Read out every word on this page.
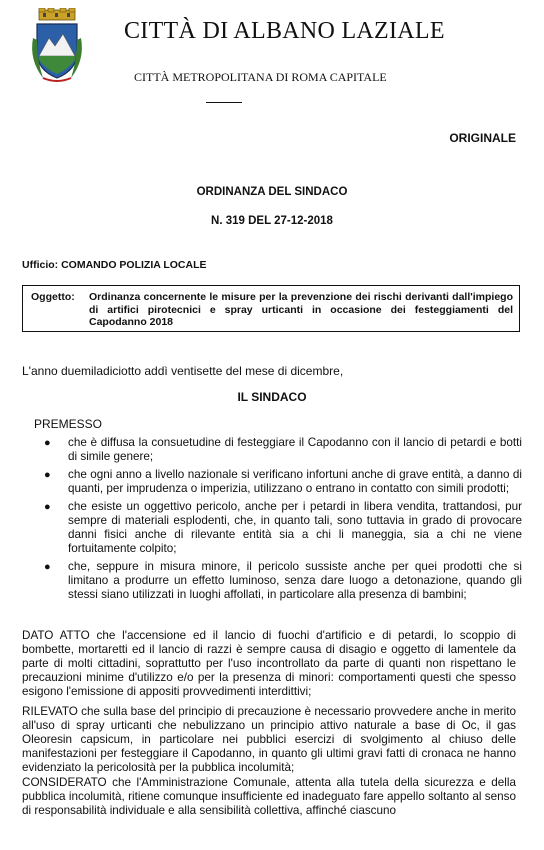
CITTÀ DI ALBANO LAZIALE
CITTÀ METROPOLITANA DI ROMA CAPITALE
ORIGINALE
ORDINANZA DEL SINDACO
N. 319 DEL 27-12-2018
Ufficio: COMANDO POLIZIA LOCALE
Oggetto: Ordinanza concernente le misure per la prevenzione dei rischi derivanti dall'impiego di artifici pirotecnici e spray urticanti in occasione dei festeggiamenti del Capodanno 2018
L'anno duemiladiciotto addì ventisette del mese di dicembre,
IL SINDACO
PREMESSO
● che è diffusa la consuetudine di festeggiare il Capodanno con il lancio di petardi e botti di simile genere;
● che ogni anno a livello nazionale si verificano infortuni anche di grave entità, a danno di quanti, per imprudenza o imperizia, utilizzano o entrano in contatto con simili prodotti;
● che esiste un oggettivo pericolo, anche per i petardi in libera vendita, trattandosi, pur sempre di materiali esplodenti, che, in quanto tali, sono tuttavia in grado di provocare danni fisici anche di rilevante entità sia a chi li maneggia, sia a chi ne viene fortuitamente colpito;
● che, seppure in misura minore, il pericolo sussiste anche per quei prodotti che si limitano a produrre un effetto luminoso, senza dare luogo a detonazione, quando gli stessi siano utilizzati in luoghi affollati, in particolare alla presenza di bambini;
DATO ATTO che l'accensione ed il lancio di fuochi d'artificio e di petardi, lo scoppio di bombette, mortaretti ed il lancio di razzi è sempre causa di disagio e oggetto di lamentele da parte di molti cittadini, soprattutto per l'uso incontrollato da parte di quanti non rispettano le precauzioni minime d'utilizzo e/o per la presenza di minori: comportamenti questi che spesso esigono l'emissione di appositi provvedimenti interdittivi;
RILEVATO che sulla base del principio di precauzione è necessario provvedere anche in merito all'uso di spray urticanti che nebulizzano un principio attivo naturale a base di Oc, il gas Oleoresin capsicum, in particolare nei pubblici esercizi di svolgimento al chiuso delle manifestazioni per festeggiare il Capodanno, in quanto gli ultimi gravi fatti di cronaca ne hanno evidenziato la pericolosità per la pubblica incolumità;
CONSIDERATO che l'Amministrazione Comunale, attenta alla tutela della sicurezza e della pubblica incolumità, ritiene comunque insufficiente ed inadeguato fare appello soltanto al senso di responsabilità individuale e alla sensibilità collettiva, affinché ciascuno
